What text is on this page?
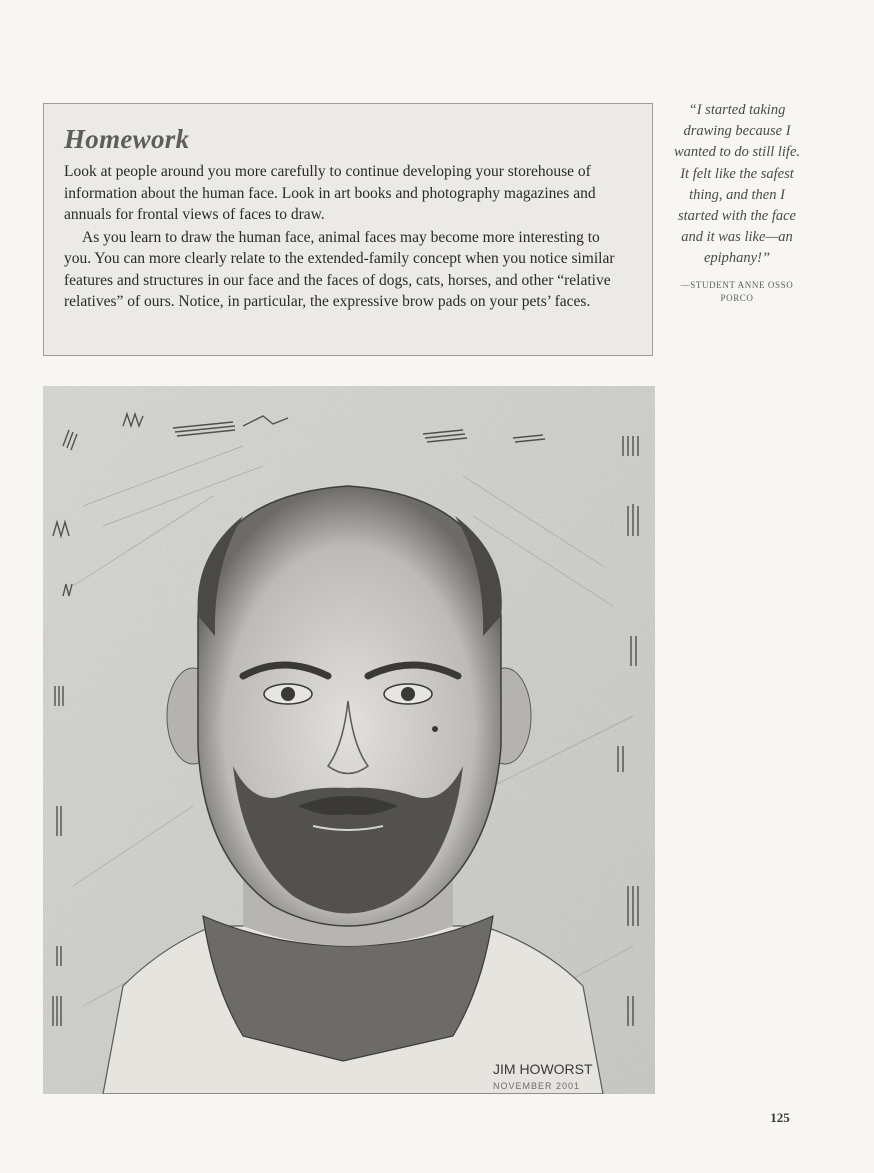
Homework

Look at people around you more carefully to continue developing your storehouse of information about the human face. Look in art books and photography magazines and annuals for frontal views of faces to draw.

As you learn to draw the human face, animal faces may become more interesting to you. You can more clearly relate to the extended-family concept when you notice similar features and structures in our face and the faces of dogs, cats, horses, and other “relative relatives” of ours. Notice, in particular, the expressive brow pads on your pets’ faces.

“I started taking drawing because I wanted to do still life. It felt like the safest thing, and then I started with the face and it was like—an epiphany!”

—STUDENT ANNE OSSO PORCO
JIM HOWORST
NOVEMBER 2001
125
